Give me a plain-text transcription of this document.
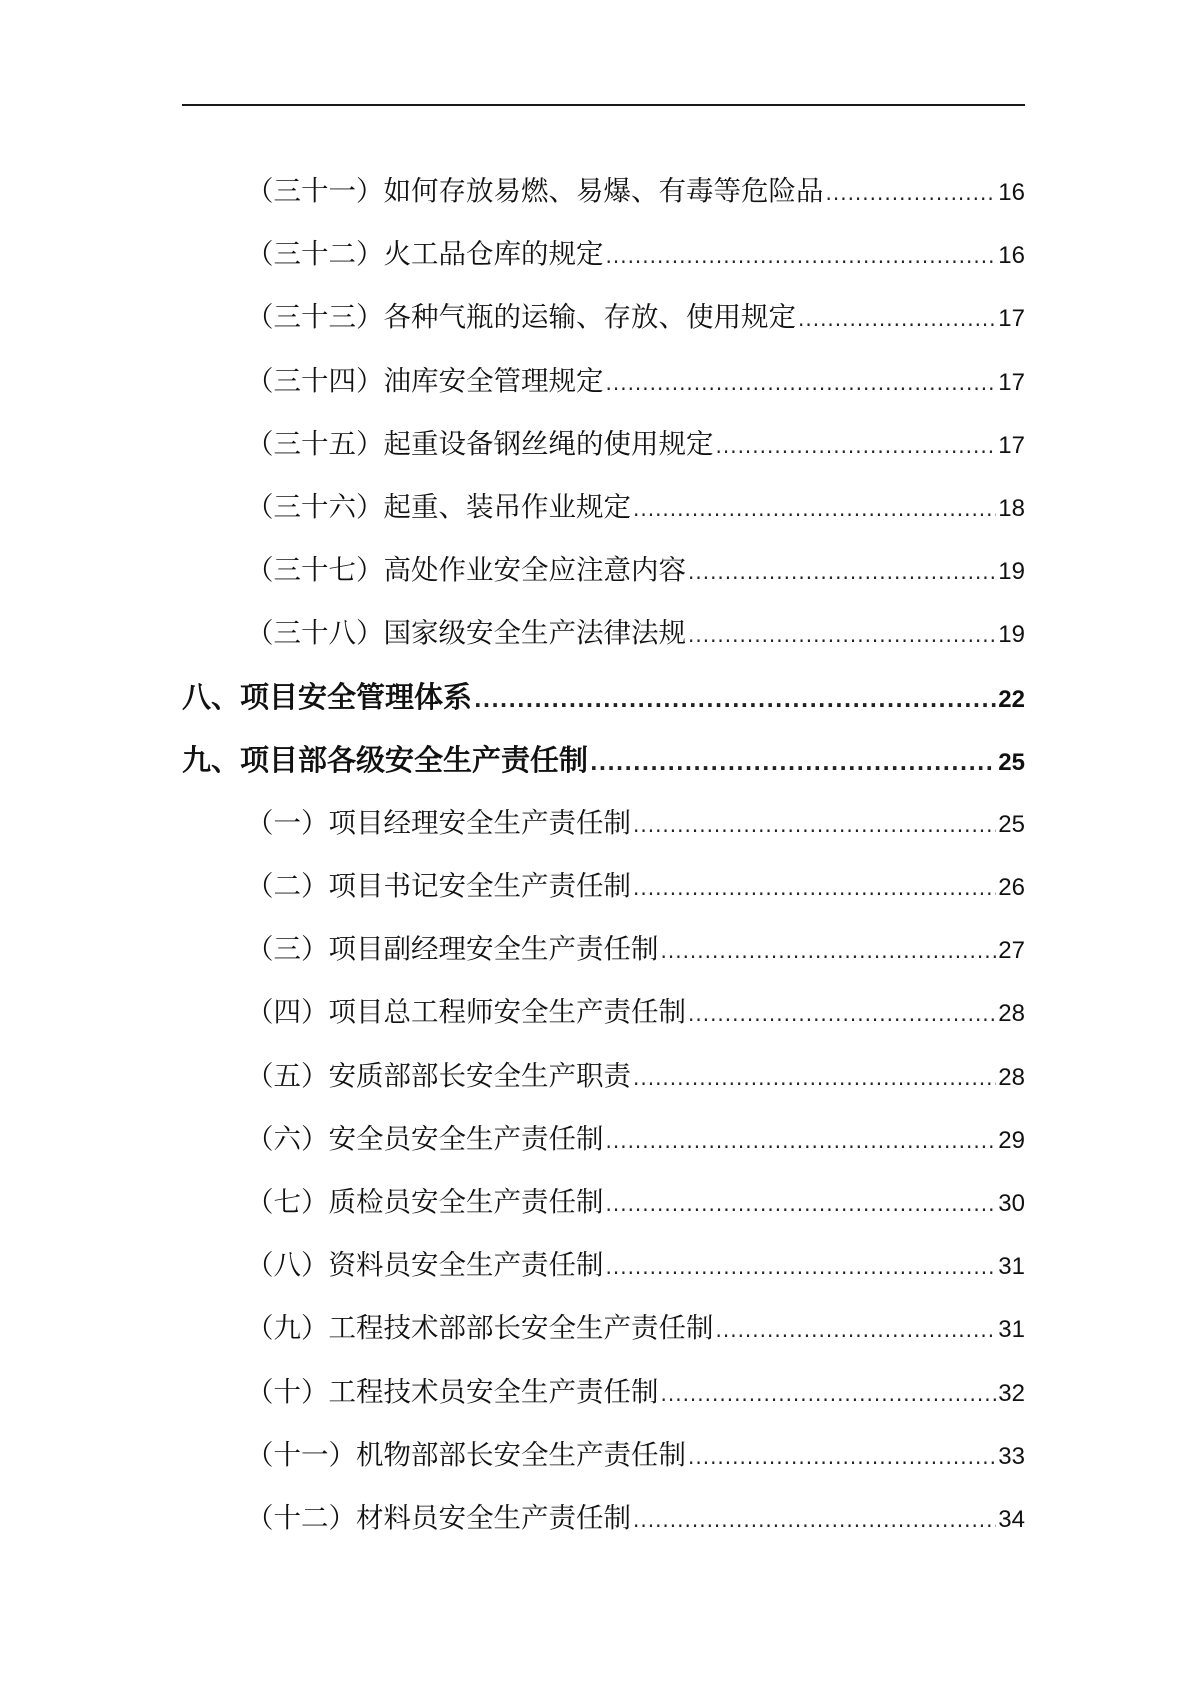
（三十一）如何存放易燃、易爆、有毒等危险品 .....	16
（三十二）火工品仓库的规定 .....	16
（三十三）各种气瓶的运输、存放、使用规定 .....	17
（三十四）油库安全管理规定 .....	17
（三十五）起重设备钢丝绳的使用规定 .....	17
（三十六）起重、装吊作业规定 .....	18
（三十七）高处作业安全应注意内容 .....	19
（三十八）国家级安全生产法律法规 .....	19
八、项目安全管理体系 .....	22
九、项目部各级安全生产责任制 .....	25
（一）项目经理安全生产责任制 .....	25
（二）项目书记安全生产责任制 .....	26
（三）项目副经理安全生产责任制 .....	27
（四）项目总工程师安全生产责任制 .....	28
（五）安质部部长安全生产职责 .....	28
（六）安全员安全生产责任制 .....	29
（七）质检员安全生产责任制 .....	30
（八）资料员安全生产责任制 .....	31
（九）工程技术部部长安全生产责任制 .....	31
（十）工程技术员安全生产责任制 .....	32
（十一）机物部部长安全生产责任制 .....	33
（十二）材料员安全生产责任制 .....	34
